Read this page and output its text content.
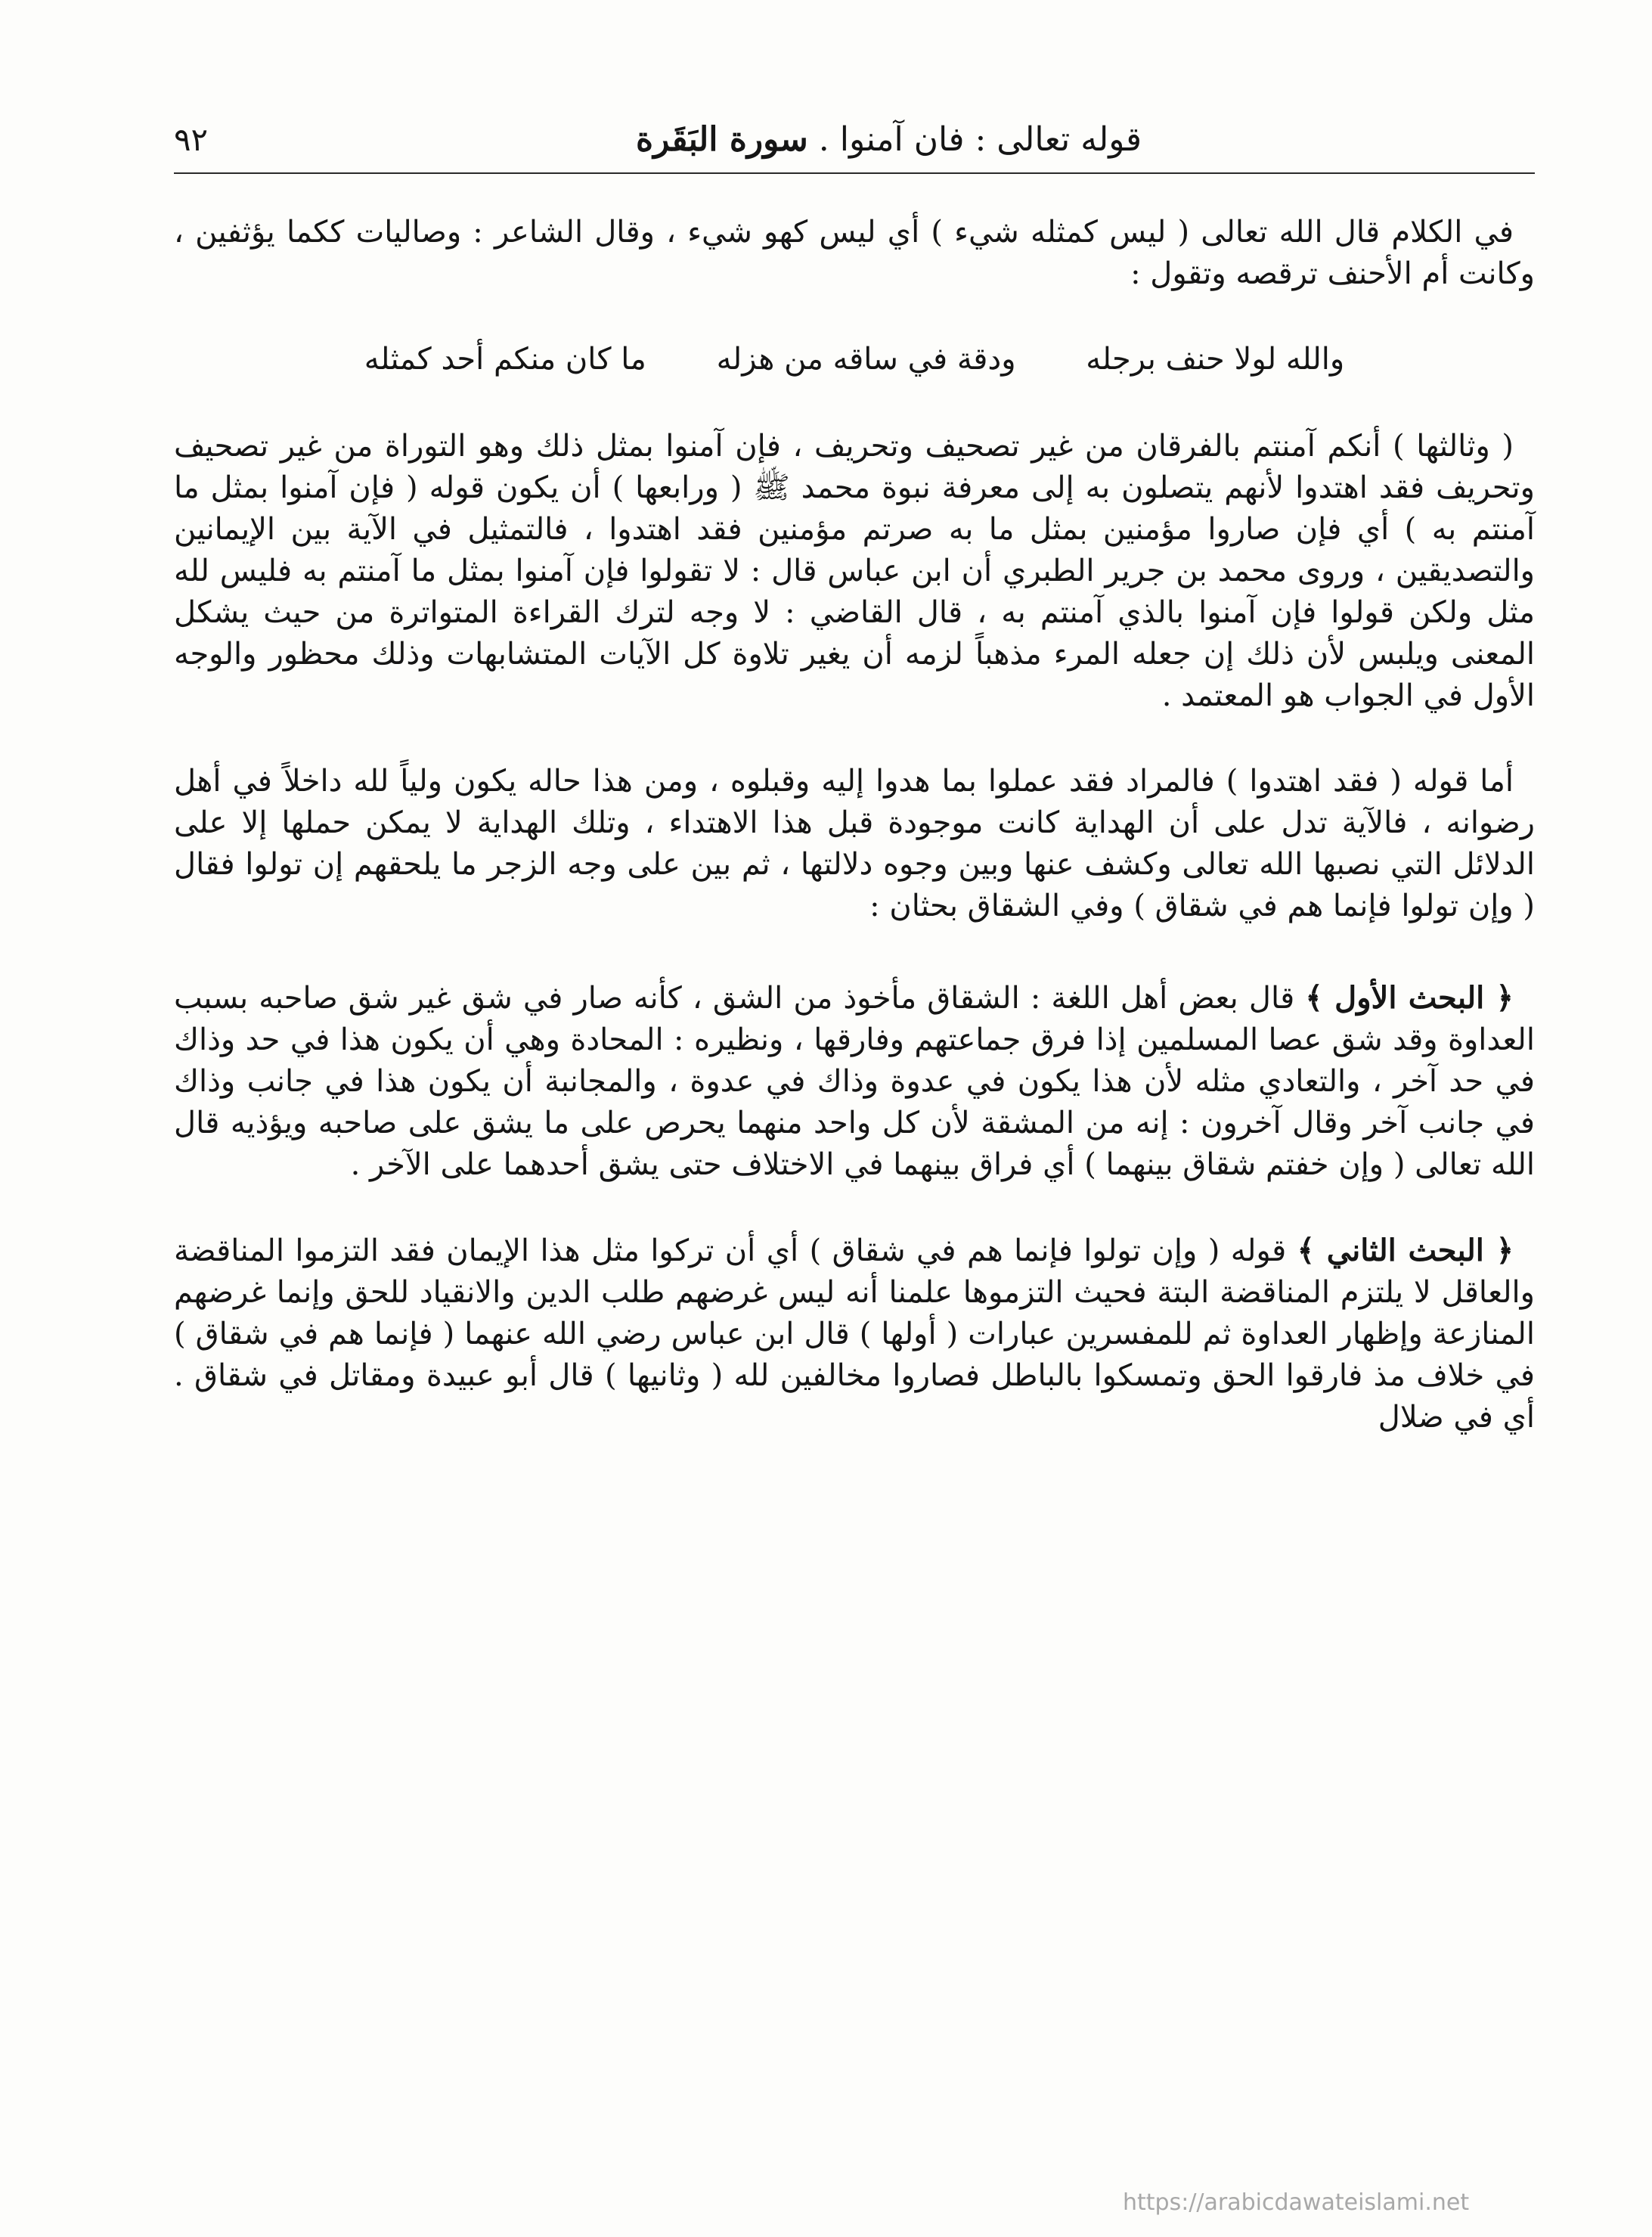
قوله تعالى : فان آمنوا . سورة البَقَرة
٩٢

في الكلام قال الله تعالى ( ليس كمثله شيء ) أي ليس كهو شيء ، وقال الشاعر : وصاليات ككما يؤثفين ، وكانت أم الأحنف ترقصه وتقول :

والله لولا حنف برجله ودقة في ساقه من هزله ما كان منكم أحد كمثله

( وثالثها ) أنكم آمنتم بالفرقان من غير تصحيف وتحريف ، فإن آمنوا بمثل ذلك وهو التوراة من غير تصحيف وتحريف فقد اهتدوا لأنهم يتصلون به إلى معرفة نبوة محمد ﷺ ( ورابعها ) أن يكون قوله ( فإن آمنوا بمثل ما آمنتم به ) أي فإن صاروا مؤمنين بمثل ما به صرتم مؤمنين فقد اهتدوا ، فالتمثيل في الآية بين الإيمانين والتصديقين ، وروى محمد بن جرير الطبري أن ابن عباس قال : لا تقولوا فإن آمنوا بمثل ما آمنتم به فليس لله مثل ولكن قولوا فإن آمنوا بالذي آمنتم به ، قال القاضي : لا وجه لترك القراءة المتواترة من حيث يشكل المعنى ويلبس لأن ذلك إن جعله المرء مذهباً لزمه أن يغير تلاوة كل الآيات المتشابهات وذلك محظور والوجه الأول في الجواب هو المعتمد .

أما قوله ( فقد اهتدوا ) فالمراد فقد عملوا بما هدوا إليه وقبلوه ، ومن هذا حاله يكون ولياً لله داخلاً في أهل رضوانه ، فالآية تدل على أن الهداية كانت موجودة قبل هذا الاهتداء ، وتلك الهداية لا يمكن حملها إلا على الدلائل التي نصبها الله تعالى وكشف عنها وبين وجوه دلالتها ، ثم بين على وجه الزجر ما يلحقهم إن تولوا فقال ( وإن تولوا فإنما هم في شقاق ) وفي الشقاق بحثان :

﴿ البحث الأول ﴾ قال بعض أهل اللغة : الشقاق مأخوذ من الشق ، كأنه صار في شق غير شق صاحبه بسبب العداوة وقد شق عصا المسلمين إذا فرق جماعتهم وفارقها ، ونظيره : المحادة وهي أن يكون هذا في حد وذاك في حد آخر ، والتعادي مثله لأن هذا يكون في عدوة وذاك في عدوة ، والمجانبة أن يكون هذا في جانب وذاك في جانب آخر وقال آخرون : إنه من المشقة لأن كل واحد منهما يحرص على ما يشق على صاحبه ويؤذيه قال الله تعالى ( وإن خفتم شقاق بينهما ) أي فراق بينهما في الاختلاف حتى يشق أحدهما على الآخر .

﴿ البحث الثاني ﴾ قوله ( وإن تولوا فإنما هم في شقاق ) أي أن تركوا مثل هذا الإيمان فقد التزموا المناقضة والعاقل لا يلتزم المناقضة البتة فحيث التزموها علمنا أنه ليس غرضهم طلب الدين والانقياد للحق وإنما غرضهم المنازعة وإظهار العداوة ثم للمفسرين عبارات ( أولها ) قال ابن عباس رضي الله عنهما ( فإنما هم في شقاق ) في خلاف مذ فارقوا الحق وتمسكوا بالباطل فصاروا مخالفين لله ( وثانيها ) قال أبو عبيدة ومقاتل في شقاق . أي في ضلال

https://arabicdawateislami.net
